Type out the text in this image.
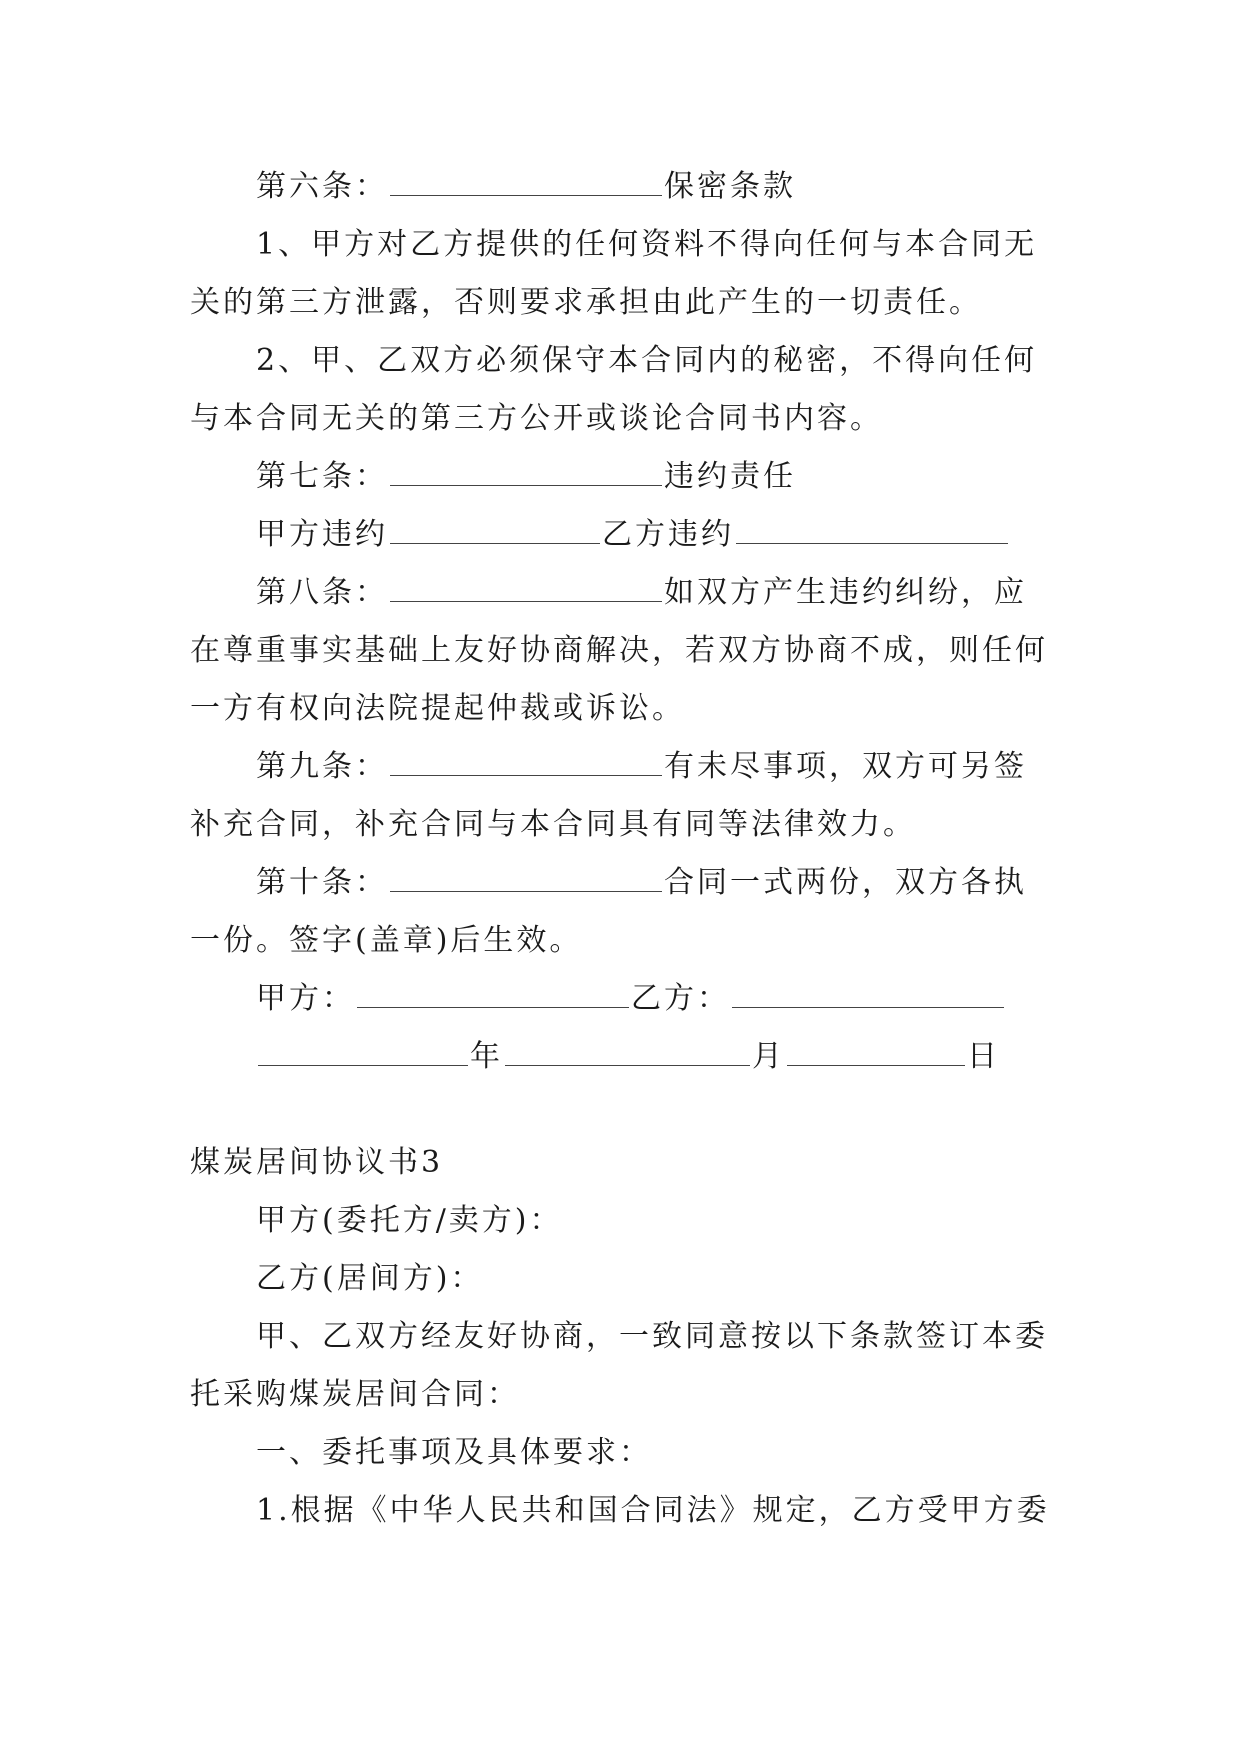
第六条：	保密条款
1、甲方对乙方提供的任何资料不得向任何与本合同无
关的第三方泄露，否则要求承担由此产生的一切责任。
2、甲、乙双方必须保守本合同内的秘密，不得向任何
与本合同无关的第三方公开或谈论合同书内容。
第七条：	违约责任
甲方违约	乙方违约
第八条：	如双方产生违约纠纷，应
在尊重事实基础上友好协商解决，若双方协商不成，则任何
一方有权向法院提起仲裁或诉讼。
第九条：	有未尽事项，双方可另签
补充合同，补充合同与本合同具有同等法律效力。
第十条：	合同一式两份，双方各执
一份。签字(盖章)后生效。
甲方：	乙方：
年	月	日
煤炭居间协议书3
甲方(委托方/卖方)：
乙方(居间方)：
甲、乙双方经友好协商，一致同意按以下条款签订本委
托采购煤炭居间合同：
一、委托事项及具体要求：
1.根据《中华人民共和国合同法》规定，乙方受甲方委
